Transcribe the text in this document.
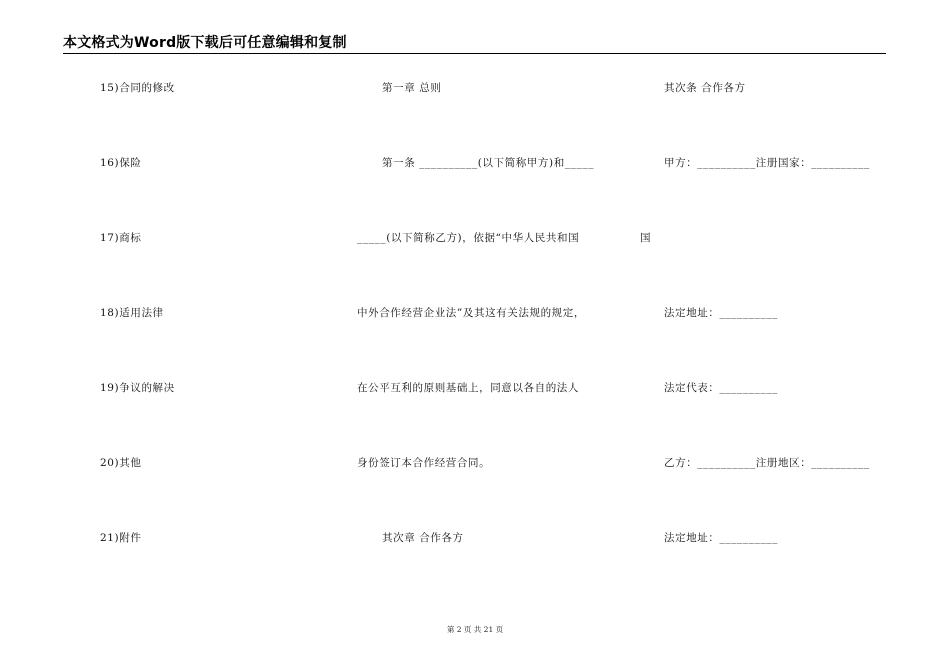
本文格式为Word版下载后可任意编辑和复制
15)合同的修改
16)保险
17)商标
18)适用法律
19)争议的解决
20)其他
21)附件
第一章 总则
第一条 __________(以下简称甲方)和_____
_____(以下简称乙方)，依据“中华人民共和国
中外合作经营企业法”及其这有关法规的规定，
在公平互利的原则基础上，同意以各自的法人
身份签订本合作经营合同。
其次章 合作各方
其次条 合作各方
甲方：__________注册国家：__________
国
法定地址：__________
法定代表：__________
乙方：__________注册地区：__________
法定地址：__________
第 2 页 共 21 页
